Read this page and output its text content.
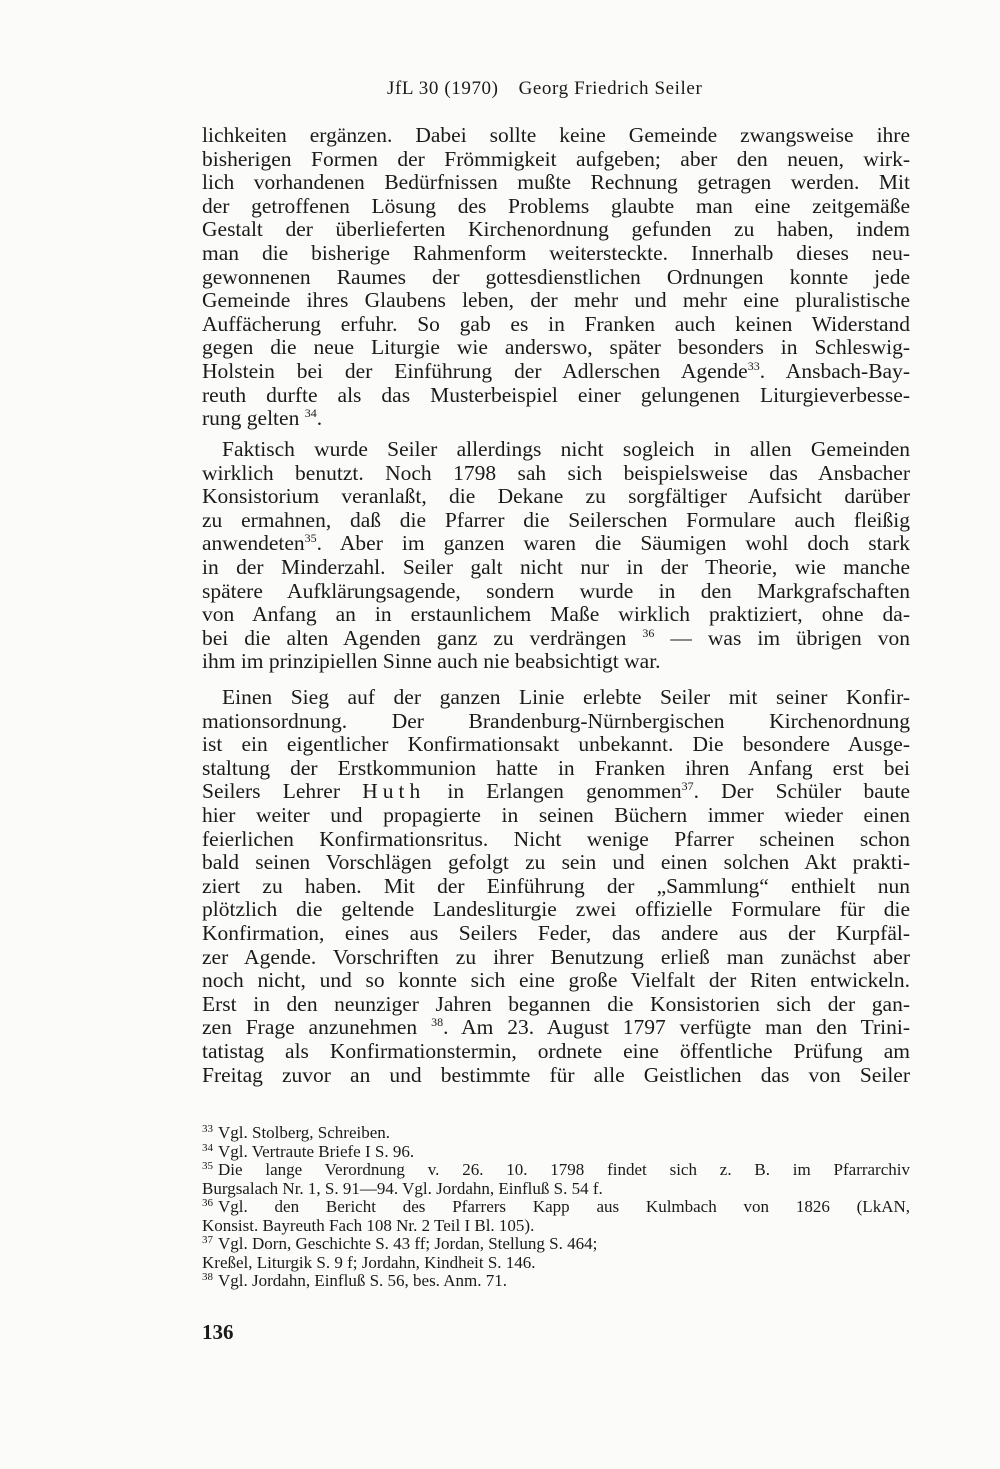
JfL 30 (1970) Georg Friedrich Seiler
lichkeiten ergänzen. Dabei sollte keine Gemeinde zwangsweise ihre
bisherigen Formen der Frömmigkeit aufgeben; aber den neuen, wirk-
lich vorhandenen Bedürfnissen mußte Rechnung getragen werden. Mit
der getroffenen Lösung des Problems glaubte man eine zeitgemäße
Gestalt der überlieferten Kirchenordnung gefunden zu haben, indem
man die bisherige Rahmenform weitersteckte. Innerhalb dieses neu-
gewonnenen Raumes der gottesdienstlichen Ordnungen konnte jede
Gemeinde ihres Glaubens leben, der mehr und mehr eine pluralistische
Auffächerung erfuhr. So gab es in Franken auch keinen Widerstand
gegen die neue Liturgie wie anderswo, später besonders in Schleswig-
Holstein bei der Einführung der Adlerschen Agende$^{33}$. Ansbach-Bay-
reuth durfte als das Musterbeispiel einer gelungenen Liturgieverbesse-
rung gelten $^{34}$.
Faktisch wurde Seiler allerdings nicht sogleich in allen Gemeinden
wirklich benutzt. Noch 1798 sah sich beispielsweise das Ansbacher
Konsistorium veranlaßt, die Dekane zu sorgfältiger Aufsicht darüber
zu ermahnen, daß die Pfarrer die Seilerschen Formulare auch fleißig
anwendeten$^{35}$. Aber im ganzen waren die Säumigen wohl doch stark
in der Minderzahl. Seiler galt nicht nur in der Theorie, wie manche
spätere Aufklärungsagende, sondern wurde in den Markgrafschaften
von Anfang an in erstaunlichem Maße wirklich praktiziert, ohne da-
bei die alten Agenden ganz zu verdrängen $^{36}$ — was im übrigen von
ihm im prinzipiellen Sinne auch nie beabsichtigt war.
Einen Sieg auf der ganzen Linie erlebte Seiler mit seiner Konfir-
mationsordnung. Der Brandenburg-Nürnbergischen Kirchenordnung
ist ein eigentlicher Konfirmationsakt unbekannt. Die besondere Ausge-
staltung der Erstkommunion hatte in Franken ihren Anfang erst bei
Seilers Lehrer Huth in Erlangen genommen$^{37}$. Der Schüler baute
hier weiter und propagierte in seinen Büchern immer wieder einen
feierlichen Konfirmationsritus. Nicht wenige Pfarrer scheinen schon
bald seinen Vorschlägen gefolgt zu sein und einen solchen Akt prakti-
ziert zu haben. Mit der Einführung der „Sammlung“ enthielt nun
plötzlich die geltende Landesliturgie zwei offizielle Formulare für die
Konfirmation, eines aus Seilers Feder, das andere aus der Kurpfäl-
zer Agende. Vorschriften zu ihrer Benutzung erließ man zunächst aber
noch nicht, und so konnte sich eine große Vielfalt der Riten entwickeln.
Erst in den neunziger Jahren begannen die Konsistorien sich der gan-
zen Frage anzunehmen $^{38}$. Am 23. August 1797 verfügte man den Trini-
tatistag als Konfirmationstermin, ordnete eine öffentliche Prüfung am
Freitag zuvor an und bestimmte für alle Geistlichen das von Seiler
$^{33}$ Vgl. Stolberg, Schreiben.
$^{34}$ Vgl. Vertraute Briefe I S. 96.
$^{35}$ Die lange Verordnung v. 26. 10. 1798 findet sich z. B. im Pfarrarchiv
Burgsalach Nr. 1, S. 91—94. Vgl. Jordahn, Einfluß S. 54 f.
$^{36}$ Vgl. den Bericht des Pfarrers Kapp aus Kulmbach von 1826 (LkAN,
Konsist. Bayreuth Fach 108 Nr. 2 Teil I Bl. 105).
$^{37}$ Vgl. Dorn, Geschichte S. 43 ff; Jordan, Stellung S. 464;
Kreßel, Liturgik S. 9 f; Jordahn, Kindheit S. 146.
$^{38}$ Vgl. Jordahn, Einfluß S. 56, bes. Anm. 71.
136
